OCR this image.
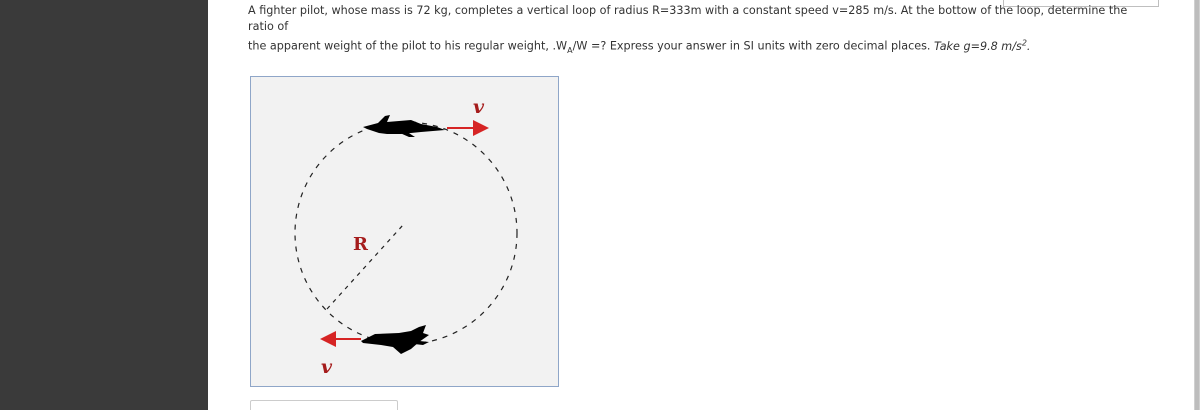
A fighter pilot, whose mass is 72 kg, completes a vertical loop of radius R=333m with a constant speed v=285 m/s. At the bottow of the loop, determine the ratio of
the apparent weight of the pilot to his regular weight, $.W_A/W$ =? Express your answer in SI units with zero decimal places. Take g=9.8 $m/s^2$.
v
R
v
